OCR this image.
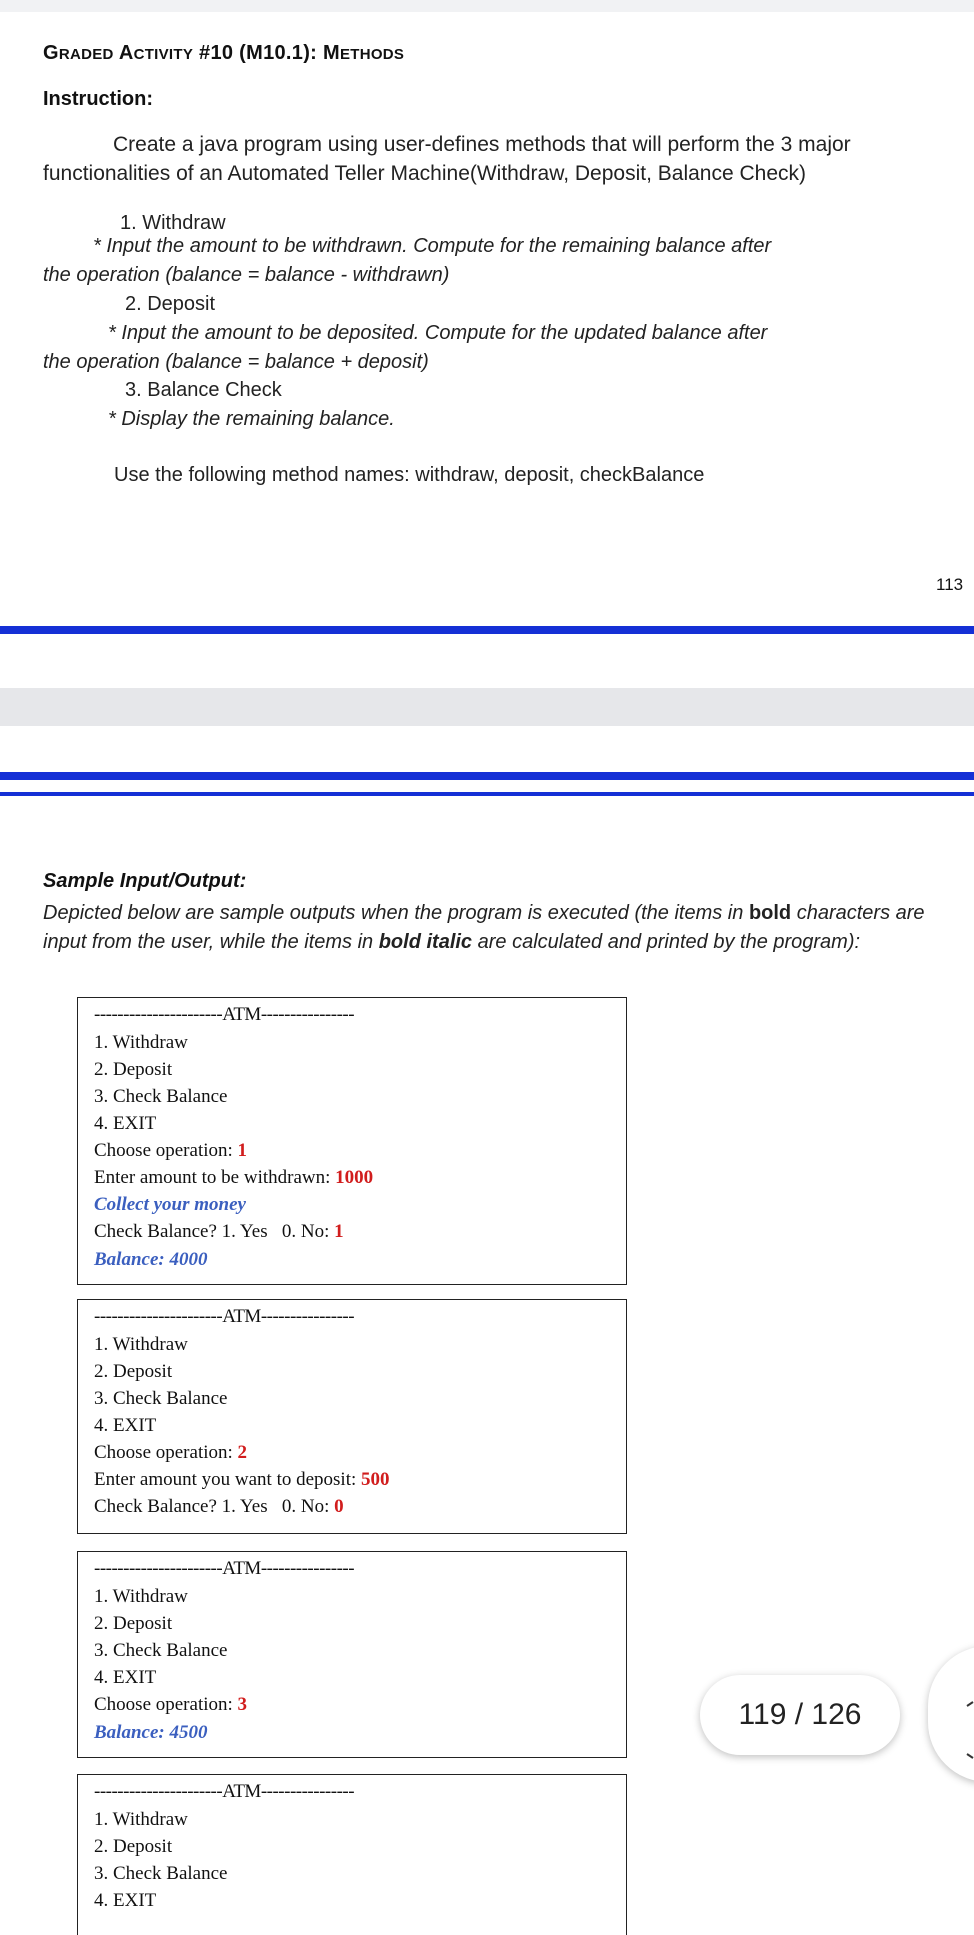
GRADED ACTIVITY #10 (M10.1): METHODS
Instruction:
Create a java program using user-defines methods that will perform the 3 major functionalities of an Automated Teller Machine(Withdraw, Deposit, Balance Check)
1. Withdraw
* Input the amount to be withdrawn. Compute for the remaining balance after
the operation (balance = balance - withdrawn)
2. Deposit
* Input the amount to be deposited. Compute for the updated balance after
the operation (balance = balance + deposit)
3. Balance Check
* Display the remaining balance.
Use the following method names: withdraw, deposit, checkBalance
113
Sample Input/Output:
Depicted below are sample outputs when the program is executed (the items in bold characters are input from the user, while the items in bold italic are calculated and printed by the program):
----------------------ATM----------------
1. Withdraw
2. Deposit
3. Check Balance
4. EXIT
Choose operation: 1
Enter amount to be withdrawn: 1000
Collect your money
Check Balance? 1. Yes   0. No: 1
Balance: 4000
----------------------ATM----------------
1. Withdraw
2. Deposit
3. Check Balance
4. EXIT
Choose operation: 2
Enter amount you want to deposit: 500
Check Balance? 1. Yes   0. No: 0
----------------------ATM----------------
1. Withdraw
2. Deposit
3. Check Balance
4. EXIT
Choose operation: 3
Balance: 4500
----------------------ATM----------------
1. Withdraw
2. Deposit
3. Check Balance
4. EXIT
119 / 126
